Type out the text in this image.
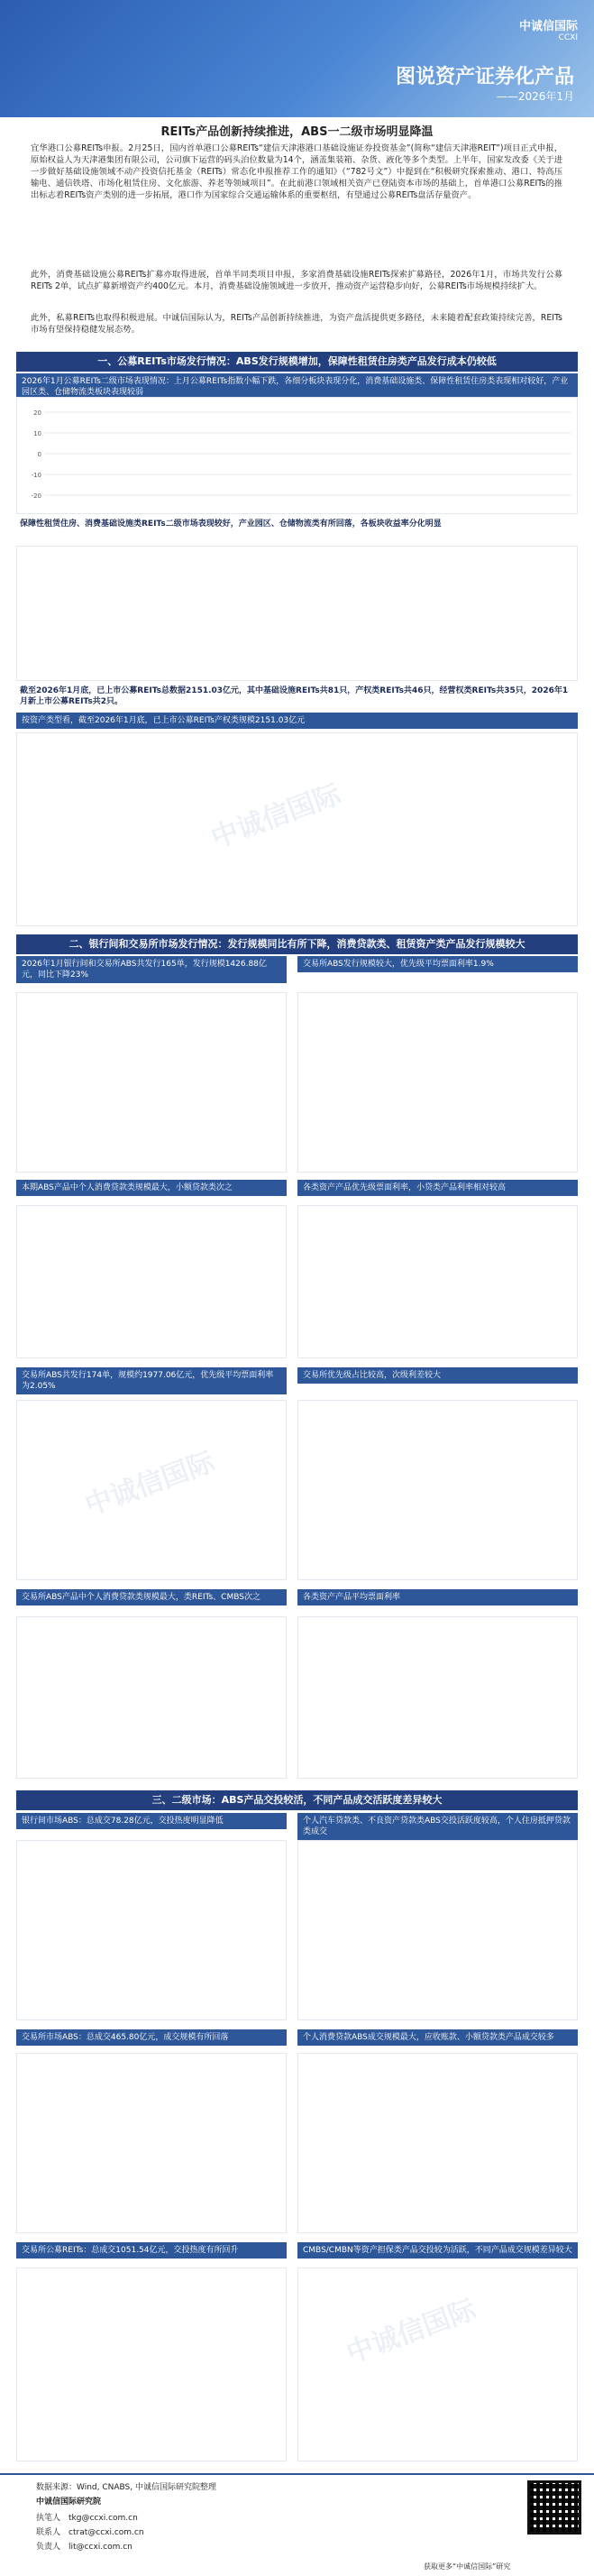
中诚信国际
CCXI
图说资产证券化产品
——2026年1月
REITs产品创新持续推进，ABS一二级市场明显降温
宜华港口公募REITs申报。2月25日，国内首单港口公募REITs“建信天津港港口基础设施证券投资基金”(简称“建信天津港REIT”)项目正式申报，原始权益人为天津港集团有限公司，公司旗下运营的码头泊位数量为14个，涵盖集装箱、杂货、液化等多个类型。上半年，国家发改委《关于进一步做好基础设施领域不动产投资信托基金（REITs）常态化申报推荐工作的通知》（“782号文”）中提到在“积极研究探索推动、港口、特高压输电、通信铁塔、市场化租赁住房、文化旅游、养老等领域项目”。在此前港口领域相关资产已登陆资本市场的基础上，首单港口公募REITs的推出标志着REITs资产类别的进一步拓展，港口作为国家综合交通运输体系的重要枢纽，有望通过公募REITs盘活存量资产。
此外，消费基础设施公募REITs扩募亦取得进展，首单半同类项目申报，多家消费基础设施REITs探索扩募路径，2026年1月，市场共发行公募REITs 2单，试点扩募新增资产约400亿元。本月，消费基础设施领域进一步放开，推动资产运营稳步向好，公募REITs市场规模持续扩大。
此外，私募REITs也取得积极进展。中诚信国际认为，REITs产品创新持续推进，为资产盘活提供更多路径，未来随着配套政策持续完善，REITs市场有望保持稳健发展态势。
一、公募REITs市场发行情况：ABS发行规模增加，保障性租赁住房类产品发行成本仍较低
2026年1月公募REITs二级市场表现情况：上月公募REITs指数小幅下跌，各细分板块表现分化，消费基础设施类、保障性租赁住房类表现相对较好，产业园区类、仓储物流类板块表现较弱
-20
-10
0
10
20
保障性租赁住房、消费基础设施类REITs二级市场表现较好，产业园区、仓储物流类有所回落，各板块收益率分化明显
截至2026年1月底，已上市公募REITs总数据2151.03亿元，其中基础设施REITs共81只，产权类REITs共46只，经营权类REITs共35只，2026年1月新上市公募REITs共2只。
按资产类型看，截至2026年1月底，已上市公募REITs产权类规模2151.03亿元
二、银行间和交易所市场发行情况：发行规模同比有所下降，消费贷款类、租赁资产类产品发行规模较大
2026年1月银行间和交易所ABS共发行165单，发行规模1426.88亿元，同比下降23%
交易所ABS发行规模较大，优先级平均票面利率1.9%
本期ABS产品中个人消费贷款类规模最大，小额贷款类次之	各类资产产品优先级票面利率，小贷类产品利率相对较高
交易所ABS共发行174单，规模约1977.06亿元，优先级平均票面利率为2.05%
交易所优先级占比较高，次级利差较大
交易所ABS产品中个人消费贷款类规模最大，类REITs、CMBS次之	各类资产产品平均票面利率
三、二级市场：ABS产品交投较活，不同产品成交活跃度差异较大
银行间市场ABS：总成交78.28亿元，交投热度明显降低	个人汽车贷款类、不良资产贷款类ABS交投活跃度较高，个人住房抵押贷款类成交
交易所市场ABS：总成交465.80亿元，成交规模有所回落	个人消费贷款ABS成交规模最大，应收账款、小额贷款类产品成交较多
交易所公募REITs：总成交1051.54亿元，交投热度有所回升	CMBS/CMBN等资产担保类产品交投较为活跃，不同产品成交规模差异较大
数据来源：Wind, CNABS, 中诚信国际研究院整理
中诚信国际研究院
执笔人　 tkg@ccxi.com.cn
联系人　 ctrat@ccxi.com.cn
负责人　 lit@ccxi.com.cn
获取更多“中诚信国际”研究
